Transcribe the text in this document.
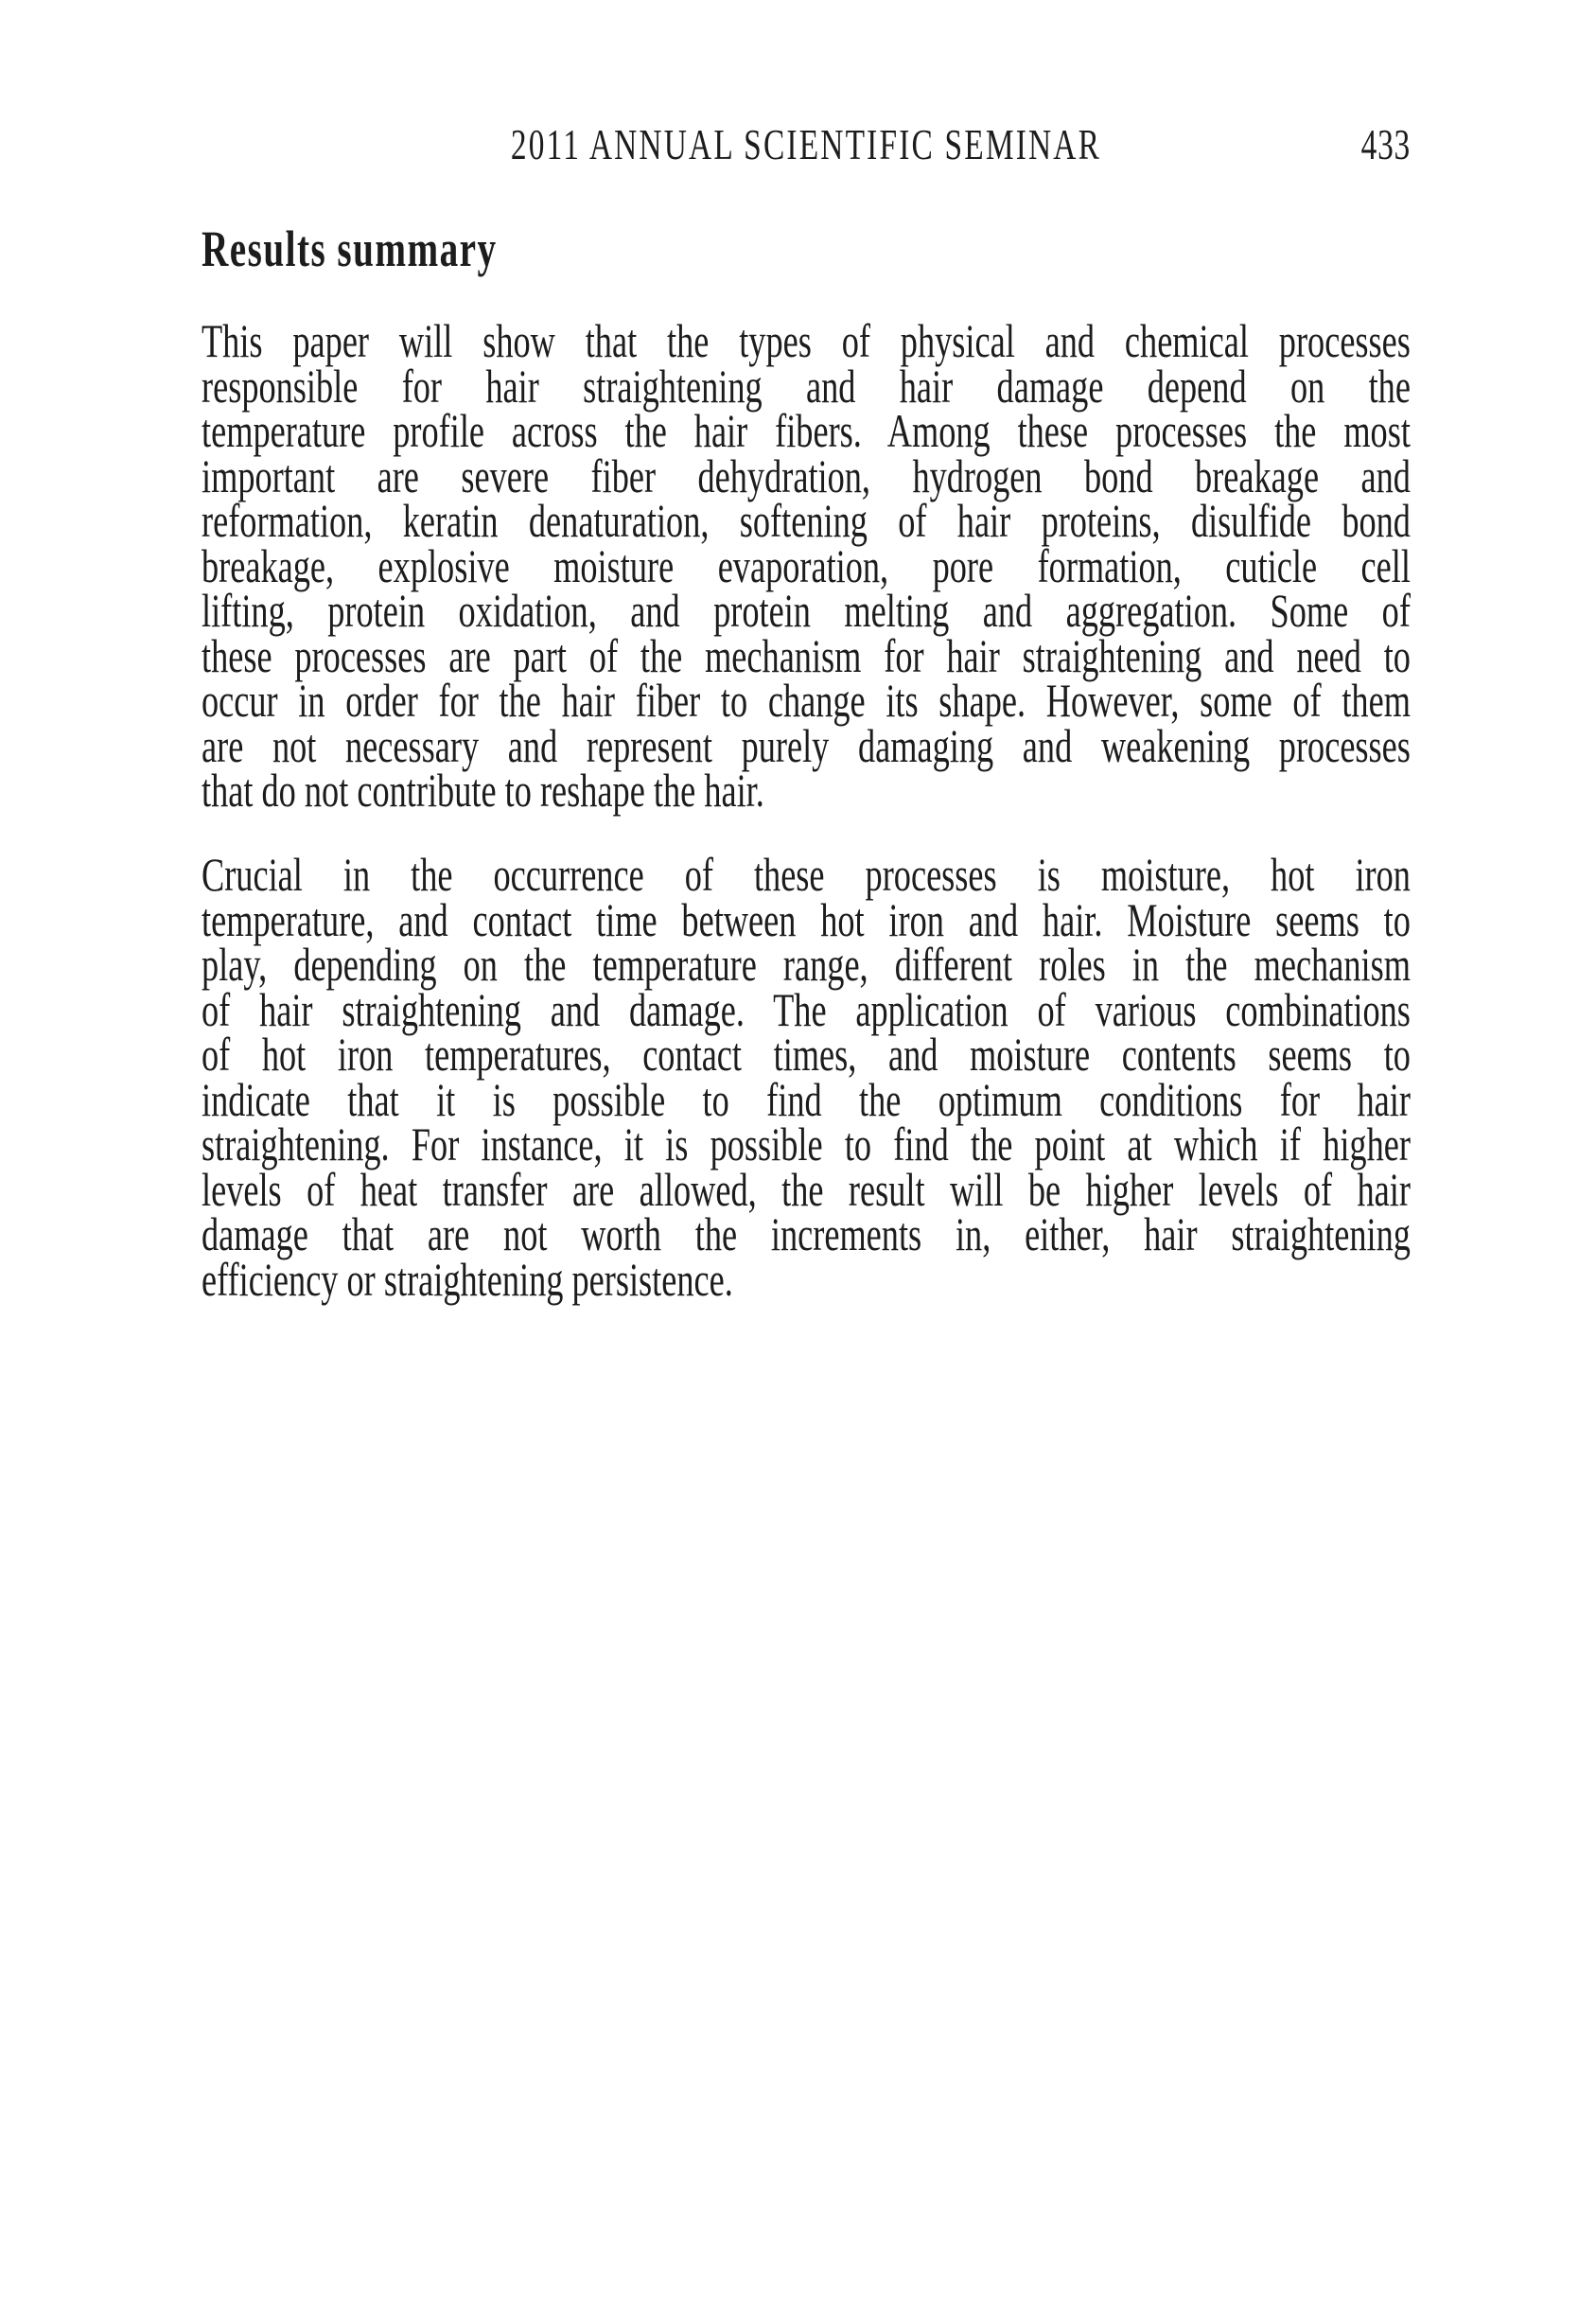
2011 ANNUAL SCIENTIFIC SEMINAR	433
Results summary
This paper will show that the types of physical and chemical processes
responsible for hair straightening and hair damage depend on the
temperature profile across the hair fibers. Among these processes the most
important are severe fiber dehydration, hydrogen bond breakage and
reformation, keratin denaturation, softening of hair proteins, disulfide bond
breakage, explosive moisture evaporation, pore formation, cuticle cell
lifting, protein oxidation, and protein melting and aggregation. Some of
these processes are part of the mechanism for hair straightening and need to
occur in order for the hair fiber to change its shape. However, some of them
are not necessary and represent purely damaging and weakening processes
that do not contribute to reshape the hair.
Crucial in the occurrence of these processes is moisture, hot iron
temperature, and contact time between hot iron and hair. Moisture seems to
play, depending on the temperature range, different roles in the mechanism
of hair straightening and damage. The application of various combinations
of hot iron temperatures, contact times, and moisture contents seems to
indicate that it is possible to find the optimum conditions for hair
straightening. For instance, it is possible to find the point at which if higher
levels of heat transfer are allowed, the result will be higher levels of hair
damage that are not worth the increments in, either, hair straightening
efficiency or straightening persistence.
